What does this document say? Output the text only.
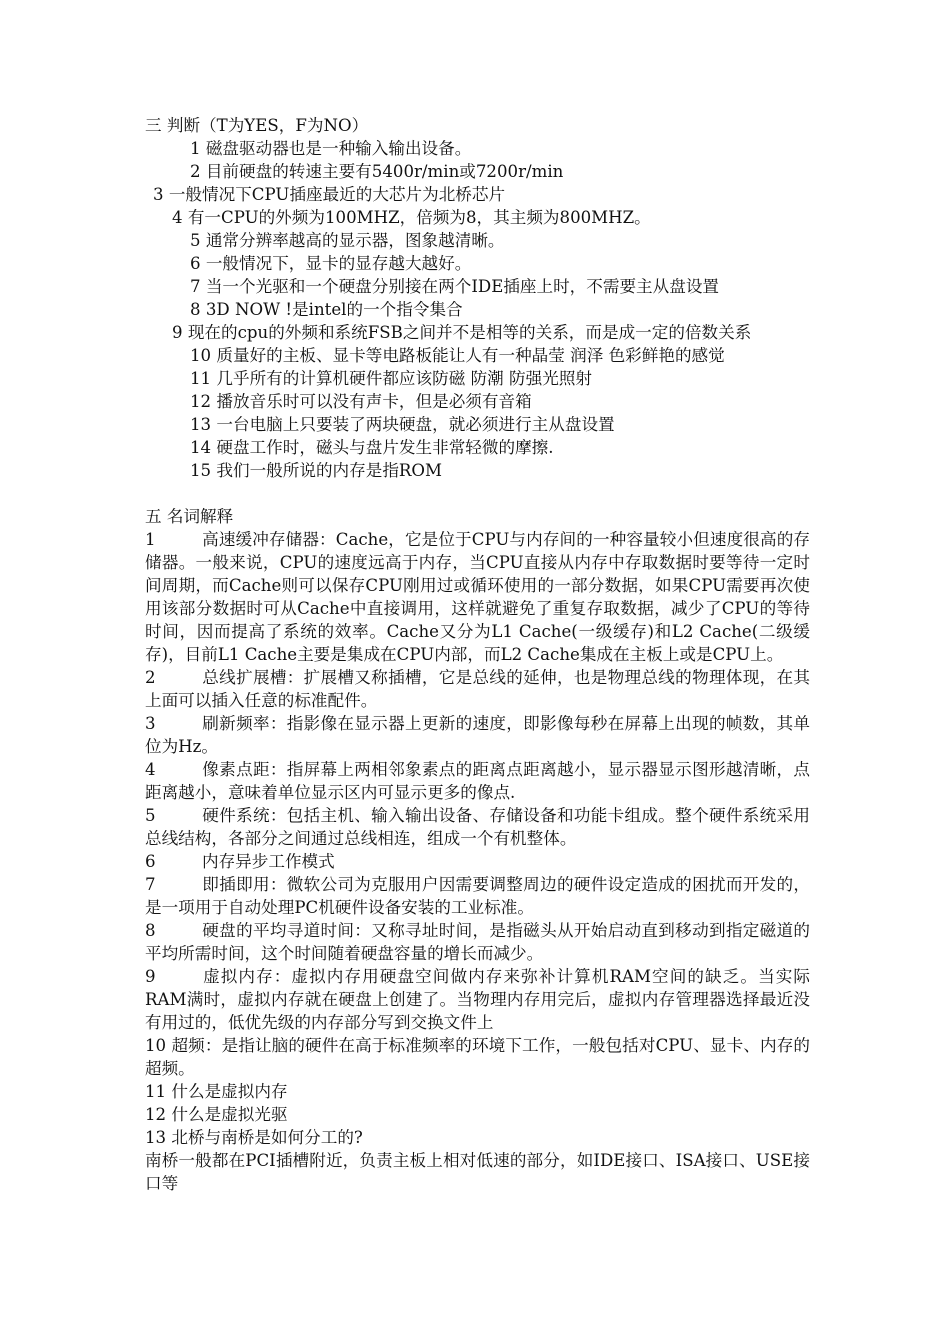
三 判断（T为YES，F为NO）
1 磁盘驱动器也是一种输入输出设备。
2 目前硬盘的转速主要有5400r/min或7200r/min
3 一般情况下CPU插座最近的大芯片为北桥芯片
4 有一CPU的外频为100MHZ，倍频为8，其主频为800MHZ。
5 通常分辨率越高的显示器，图象越清晰。
6 一般情况下，显卡的显存越大越好。
7 当一个光驱和一个硬盘分别接在两个IDE插座上时，不需要主从盘设置
8 3D NOW !是intel的一个指令集合

9 现在的cpu的外频和系统FSB之间并不是相等的关系，而是成一定的倍数关系

10 质量好的主板、显卡等电路板能让人有一种晶莹 润泽 色彩鲜艳的感觉

11 几乎所有的计算机硬件都应该防磁 防潮 防强光照射
12 播放音乐时可以没有声卡，但是必须有音箱
13 一台电脑上只要装了两块硬盘，就必须进行主从盘设置
14 硬盘工作时，磁头与盘片发生非常轻微的摩擦.
15 我们一般所说的内存是指ROM
五 名词解释

1	高速缓冲存储器：Cache，它是位于CPU与内存间的一种容量较小但速度很高的存储器。一般来说，CPU的速度远高于内存，当CPU直接从内存中存取数据时要等待一定时间周期，而Cache则可以保存CPU刚用过或循环使用的一部分数据，如果CPU需要再次使用该部分数据时可从Cache中直接调用，这样就避免了重复存取数据，减少了CPU的等待时间，因而提高了系统的效率。Cache又分为L1 Cache(一级缓存)和L2 Cache(二级缓存)，目前L1 Cache主要是集成在CPU内部，而L2 Cache集成在主板上或是CPU上。

2	总线扩展槽：扩展槽又称插槽，它是总线的延伸，也是物理总线的物理体现，在其上面可以插入任意的标准配件。

3	刷新频率：指影像在显示器上更新的速度，即影像每秒在屏幕上出现的帧数，其单位为Hz。

4	像素点距：指屏幕上两相邻象素点的距离点距离越小，显示器显示图形越清晰，点距离越小，意味着单位显示区内可显示更多的像点.

5	硬件系统：包括主机、输入输出设备、存储设备和功能卡组成。整个硬件系统采用总线结构，各部分之间通过总线相连，组成一个有机整体。

6	内存异步工作模式

7	即插即用：微软公司为克服用户因需要调整周边的硬件设定造成的困扰而开发的，是一项用于自动处理PC机硬件设备安装的工业标准。

8	硬盘的平均寻道时间：又称寻址时间，是指磁头从开始启动直到移动到指定磁道的平均所需时间，这个时间随着硬盘容量的增长而减少。

9	虚拟内存：虚拟内存用硬盘空间做内存来弥补计算机RAM空间的缺乏。当实际RAM满时，虚拟内存就在硬盘上创建了。当物理内存用完后，虚拟内存管理器选择最近没有用过的，低优先级的内存部分写到交换文件上

10 超频：是指让脑的硬件在高于标准频率的环境下工作，一般包括对CPU、显卡、内存的超频。

11 什么是虚拟内存
12 什么是虚拟光驱
13 北桥与南桥是如何分工的?

南桥一般都在PCI插槽附近，负责主板上相对低速的部分，如IDE接口、ISA接口、USE接口等
